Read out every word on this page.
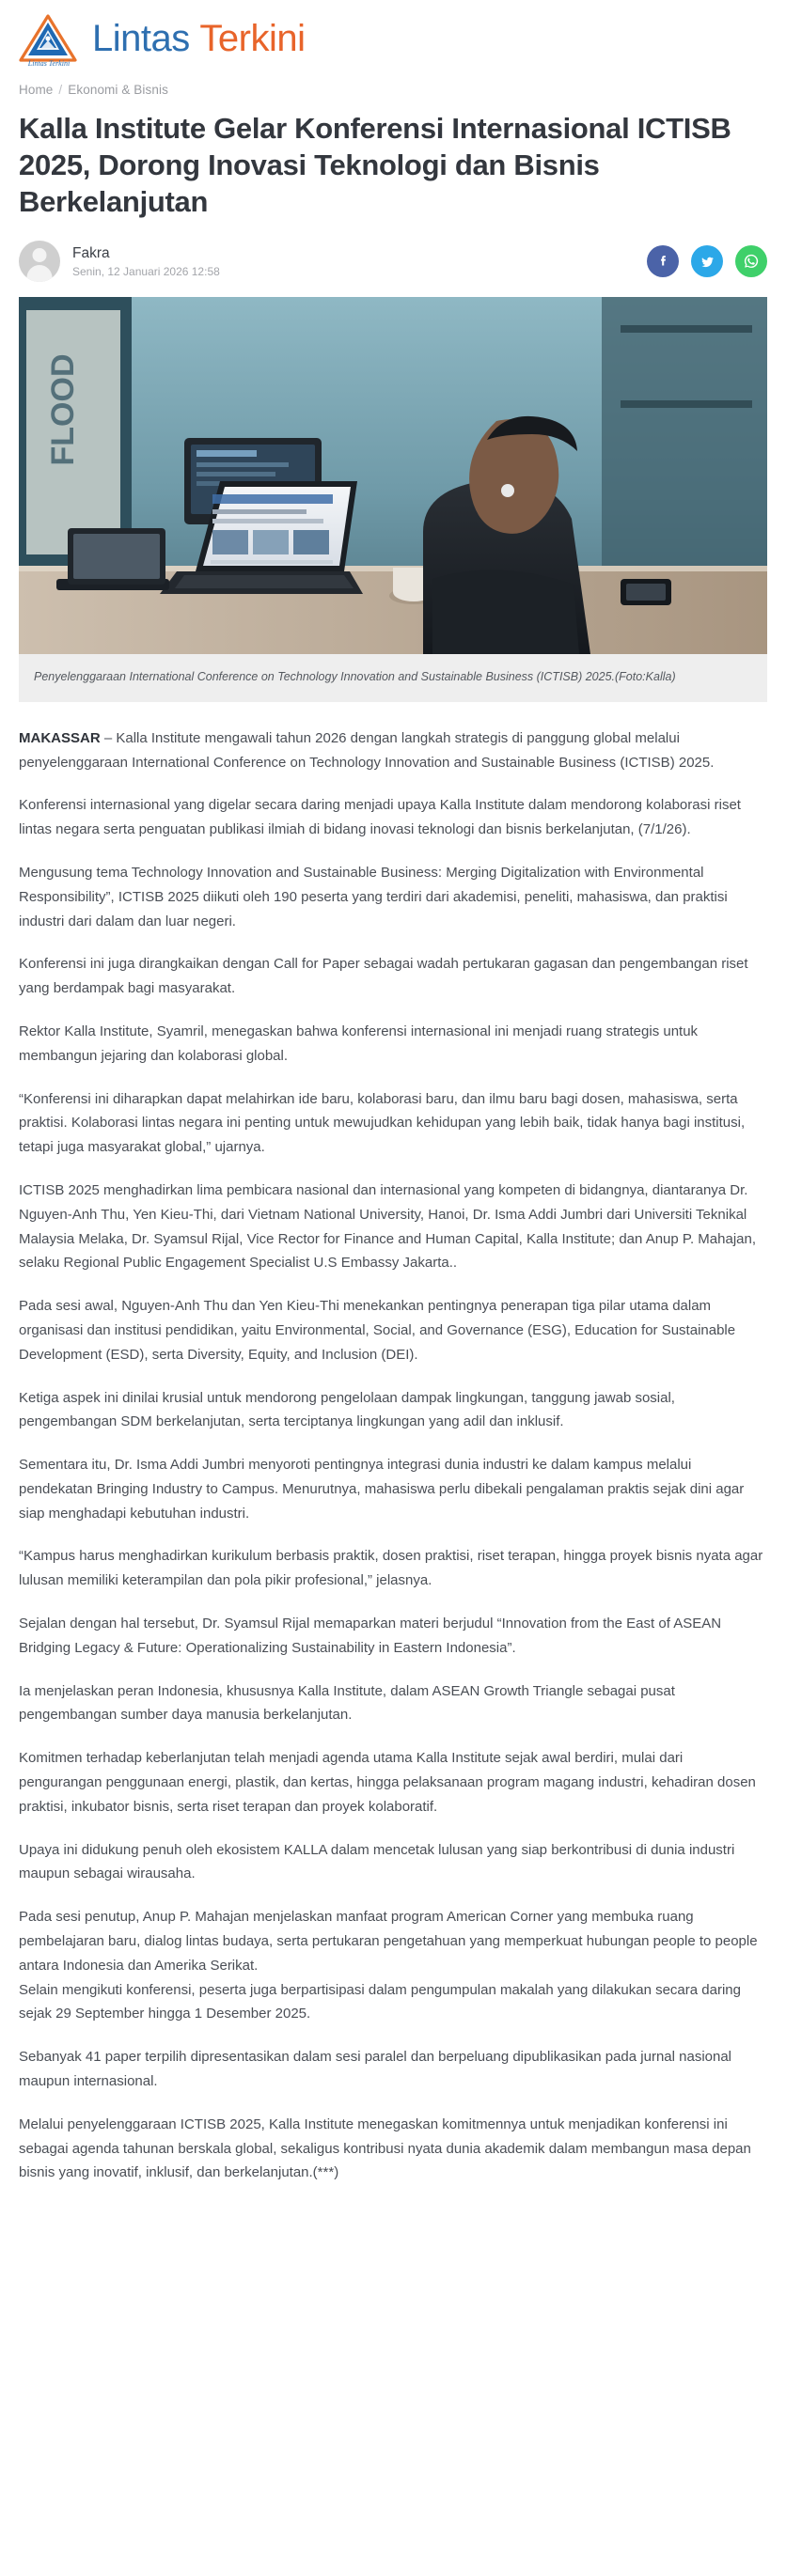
Lintas Terkini
Lintas Terkini
Home / Ekonomi & Bisnis
Kalla Institute Gelar Konferensi Internasional ICTISB 2025, Dorong Inovasi Teknologi dan Bisnis Berkelanjutan
Fakra
Senin, 12 Januari 2026 12:58
FLOOD
Penyelenggaraan International Conference on Technology Innovation and Sustainable Business (ICTISB) 2025.(Foto:Kalla)

MAKASSAR – Kalla Institute mengawali tahun 2026 dengan langkah strategis di panggung global melalui penyelenggaraan International Conference on Technology Innovation and Sustainable Business (ICTISB) 2025.

Konferensi internasional yang digelar secara daring menjadi upaya Kalla Institute dalam mendorong kolaborasi riset lintas negara serta penguatan publikasi ilmiah di bidang inovasi teknologi dan bisnis berkelanjutan, (7/1/26).

Mengusung tema Technology Innovation and Sustainable Business: Merging Digitalization with Environmental Responsibility”, ICTISB 2025 diikuti oleh 190 peserta yang terdiri dari akademisi, peneliti, mahasiswa, dan praktisi industri dari dalam dan luar negeri.

Konferensi ini juga dirangkaikan dengan Call for Paper sebagai wadah pertukaran gagasan dan pengembangan riset yang berdampak bagi masyarakat.

Rektor Kalla Institute, Syamril, menegaskan bahwa konferensi internasional ini menjadi ruang strategis untuk membangun jejaring dan kolaborasi global.

“Konferensi ini diharapkan dapat melahirkan ide baru, kolaborasi baru, dan ilmu baru bagi dosen, mahasiswa, serta praktisi. Kolaborasi lintas negara ini penting untuk mewujudkan kehidupan yang lebih baik, tidak hanya bagi institusi, tetapi juga masyarakat global,” ujarnya.

ICTISB 2025 menghadirkan lima pembicara nasional dan internasional yang kompeten di bidangnya, diantaranya Dr. Nguyen-Anh Thu, Yen Kieu-Thi, dari Vietnam National University, Hanoi, Dr. Isma Addi Jumbri dari Universiti Teknikal Malaysia Melaka, Dr. Syamsul Rijal, Vice Rector for Finance and Human Capital, Kalla Institute; dan Anup P. Mahajan, selaku Regional Public Engagement Specialist U.S Embassy Jakarta..

Pada sesi awal, Nguyen-Anh Thu dan Yen Kieu-Thi menekankan pentingnya penerapan tiga pilar utama dalam organisasi dan institusi pendidikan, yaitu Environmental, Social, and Governance (ESG), Education for Sustainable Development (ESD), serta Diversity, Equity, and Inclusion (DEI).

Ketiga aspek ini dinilai krusial untuk mendorong pengelolaan dampak lingkungan, tanggung jawab sosial, pengembangan SDM berkelanjutan, serta terciptanya lingkungan yang adil dan inklusif.

Sementara itu, Dr. Isma Addi Jumbri menyoroti pentingnya integrasi dunia industri ke dalam kampus melalui pendekatan Bringing Industry to Campus. Menurutnya, mahasiswa perlu dibekali pengalaman praktis sejak dini agar siap menghadapi kebutuhan industri.

“Kampus harus menghadirkan kurikulum berbasis praktik, dosen praktisi, riset terapan, hingga proyek bisnis nyata agar lulusan memiliki keterampilan dan pola pikir profesional,” jelasnya.

Sejalan dengan hal tersebut, Dr. Syamsul Rijal memaparkan materi berjudul “Innovation from the East of ASEAN Bridging Legacy & Future: Operationalizing Sustainability in Eastern Indonesia”.

Ia menjelaskan peran Indonesia, khususnya Kalla Institute, dalam ASEAN Growth Triangle sebagai pusat pengembangan sumber daya manusia berkelanjutan.

Komitmen terhadap keberlanjutan telah menjadi agenda utama Kalla Institute sejak awal berdiri, mulai dari pengurangan penggunaan energi, plastik, dan kertas, hingga pelaksanaan program magang industri, kehadiran dosen praktisi, inkubator bisnis, serta riset terapan dan proyek kolaboratif.

Upaya ini didukung penuh oleh ekosistem KALLA dalam mencetak lulusan yang siap berkontribusi di dunia industri maupun sebagai wirausaha.

Pada sesi penutup, Anup P. Mahajan menjelaskan manfaat program American Corner yang membuka ruang pembelajaran baru, dialog lintas budaya, serta pertukaran pengetahuan yang memperkuat hubungan people to people antara Indonesia dan Amerika Serikat.

Selain mengikuti konferensi, peserta juga berpartisipasi dalam pengumpulan makalah yang dilakukan secara daring sejak 29 September hingga 1 Desember 2025.

Sebanyak 41 paper terpilih dipresentasikan dalam sesi paralel dan berpeluang dipublikasikan pada jurnal nasional maupun internasional.

Melalui penyelenggaraan ICTISB 2025, Kalla Institute menegaskan komitmennya untuk menjadikan konferensi ini sebagai agenda tahunan berskala global, sekaligus kontribusi nyata dunia akademik dalam membangun masa depan bisnis yang inovatif, inklusif, dan berkelanjutan.(***)
